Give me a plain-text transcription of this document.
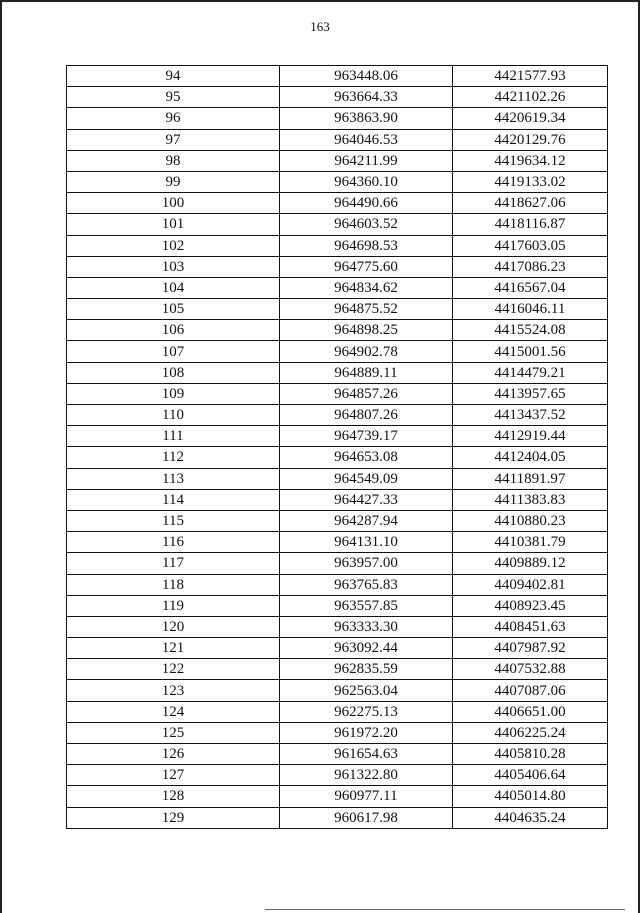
163
94	963448.06	4421577.93
95	963664.33	4421102.26
96	963863.90	4420619.34
97	964046.53	4420129.76
98	964211.99	4419634.12
99	964360.10	4419133.02
100	964490.66	4418627.06
101	964603.52	4418116.87
102	964698.53	4417603.05
103	964775.60	4417086.23
104	964834.62	4416567.04
105	964875.52	4416046.11
106	964898.25	4415524.08
107	964902.78	4415001.56
108	964889.11	4414479.21
109	964857.26	4413957.65
110	964807.26	4413437.52
111	964739.17	4412919.44
112	964653.08	4412404.05
113	964549.09	4411891.97
114	964427.33	4411383.83
115	964287.94	4410880.23
116	964131.10	4410381.79
117	963957.00	4409889.12
118	963765.83	4409402.81
119	963557.85	4408923.45
120	963333.30	4408451.63
121	963092.44	4407987.92
122	962835.59	4407532.88
123	962563.04	4407087.06
124	962275.13	4406651.00
125	961972.20	4406225.24
126	961654.63	4405810.28
127	961322.80	4405406.64
128	960977.11	4405014.80
129	960617.98	4404635.24
